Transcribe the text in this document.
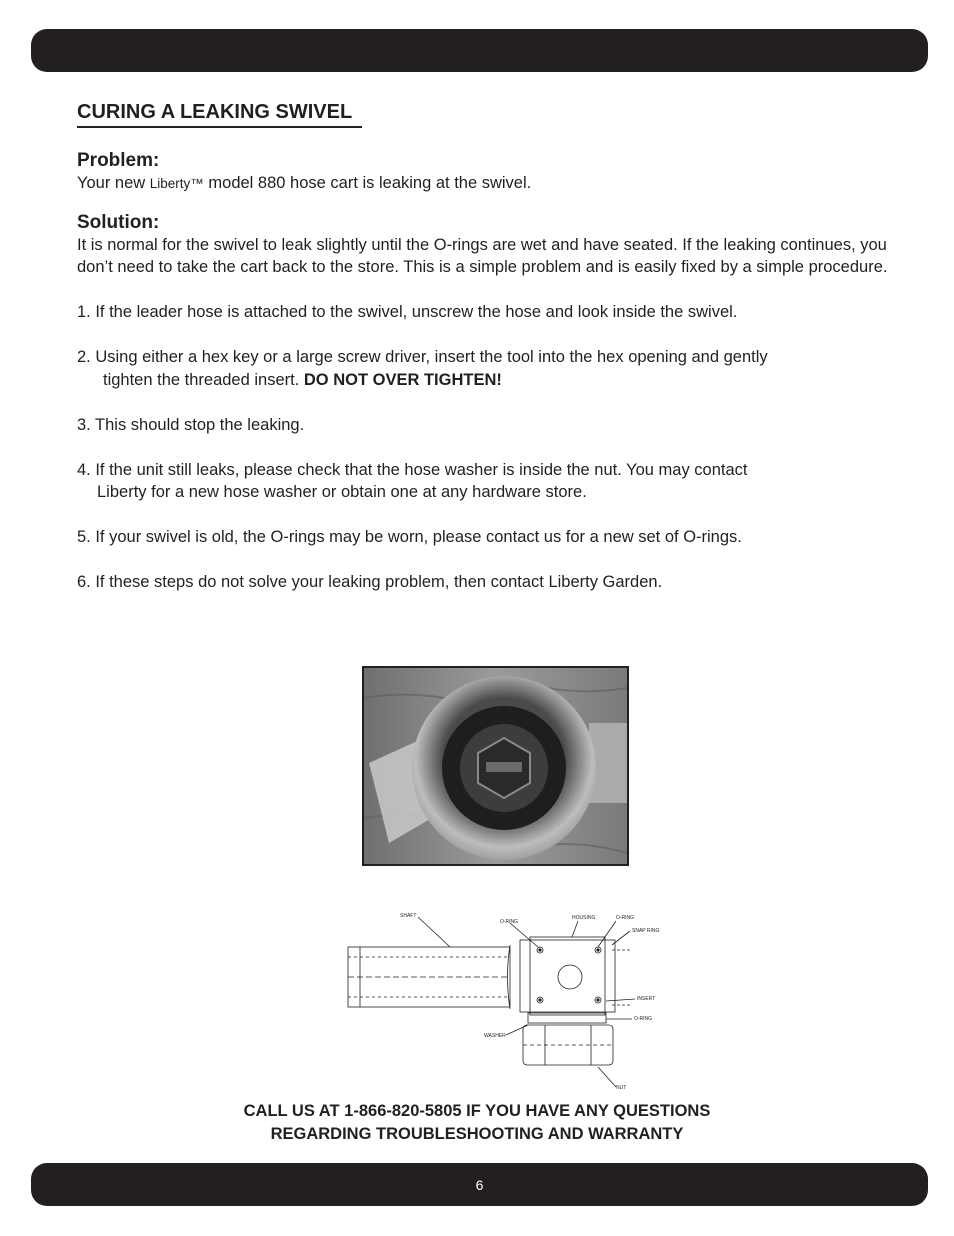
CURING A LEAKING SWIVEL
Problem:

Your new Liberty™ model 880 hose cart is leaking at the swivel.

Solution:

It is normal for the swivel to leak slightly until the O-rings are wet and have seated. If the leaking continues, you don’t need to take the cart back to the store. This is a simple problem and is easily fixed by a simple procedure.

1. If the leader hose is attached to the swivel, unscrew the hose and look inside the swivel.

2. Using either a hex key or a large screw driver, insert the tool into the hex opening and gently

tighten the threaded insert. DO NOT OVER TIGHTEN!

3. This should stop the leaking.

4. If the unit still leaks, please check that the hose washer is inside the nut. You may contact

Liberty for a new hose washer or obtain one at any hardware store.

5. If your swivel is old, the O-rings may be worn, please contact us for a new set of O-rings.

6. If these steps do not solve your leaking problem, then contact Liberty Garden.

SHAFT
O-RING
HOUSING	O-RING
SNAP RING
INSERT
O-RING
WASHER
NUT
CALL US AT 1-866-820-5805 IF YOU HAVE ANY QUESTIONS
REGARDING TROUBLESHOOTING AND WARRANTY
6
